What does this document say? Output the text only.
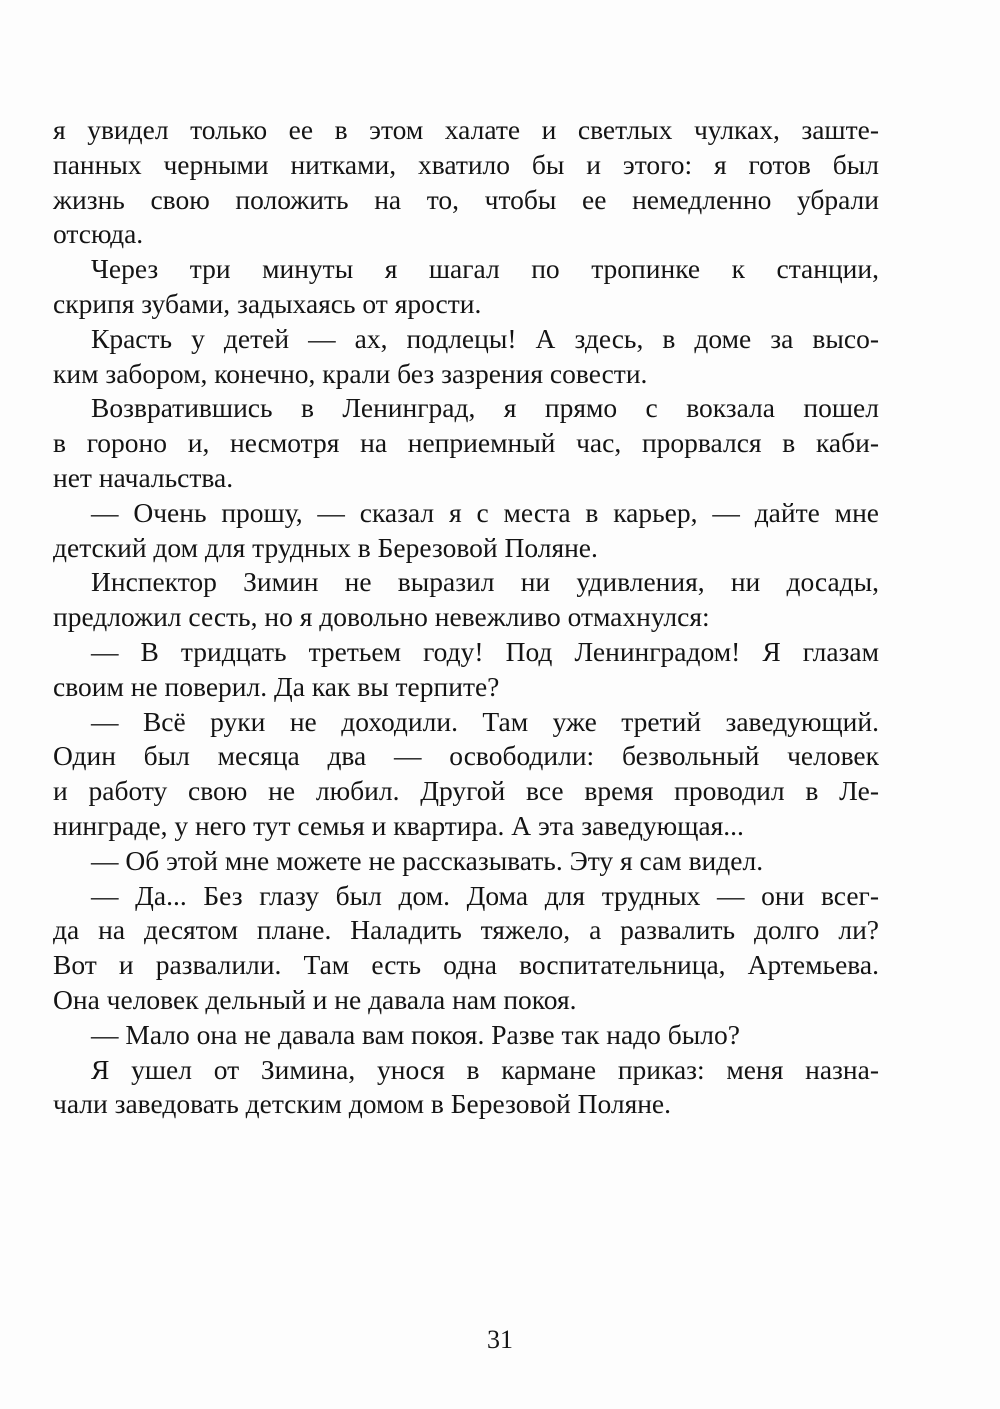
я увидел только ее в этом халате и светлых чулках, заште-
панных черными нитками, хватило бы и этого: я готов был
жизнь свою положить на то, чтобы ее немедленно убрали
отсюда.
Через три минуты я шагал по тропинке к станции,
скрипя зубами, задыхаясь от ярости.
Красть у детей — ах, подлецы! А здесь, в доме за высо-
ким забором, конечно, крали без зазрения совести.
Возвратившись в Ленинград, я прямо с вокзала пошел
в гороно и, несмотря на неприемный час, прорвался в каби-
нет начальства.
— Очень прошу, — сказал я с места в карьер, — дайте мне
детский дом для трудных в Березовой Поляне.
Инспектор Зимин не выразил ни удивления, ни досады,
предложил сесть, но я довольно невежливо отмахнулся:
— В тридцать третьем году! Под Ленинградом! Я глазам
своим не поверил. Да как вы терпите?
— Всё руки не доходили. Там уже третий заведующий.
Один был месяца два — освободили: безвольный человек
и работу свою не любил. Другой все время проводил в Ле-
нинграде, у него тут семья и квартира. А эта заведующая...
— Об этой мне можете не рассказывать. Эту я сам видел.
— Да... Без глазу был дом. Дома для трудных — они всег-
да на десятом плане. Наладить тяжело, а развалить долго ли?
Вот и развалили. Там есть одна воспитательница, Артемьева.
Она человек дельный и не давала нам покоя.
— Мало она не давала вам покоя. Разве так надо было?
Я ушел от Зимина, унося в кармане приказ: меня назна-
чали заведовать детским домом в Березовой Поляне.
31
